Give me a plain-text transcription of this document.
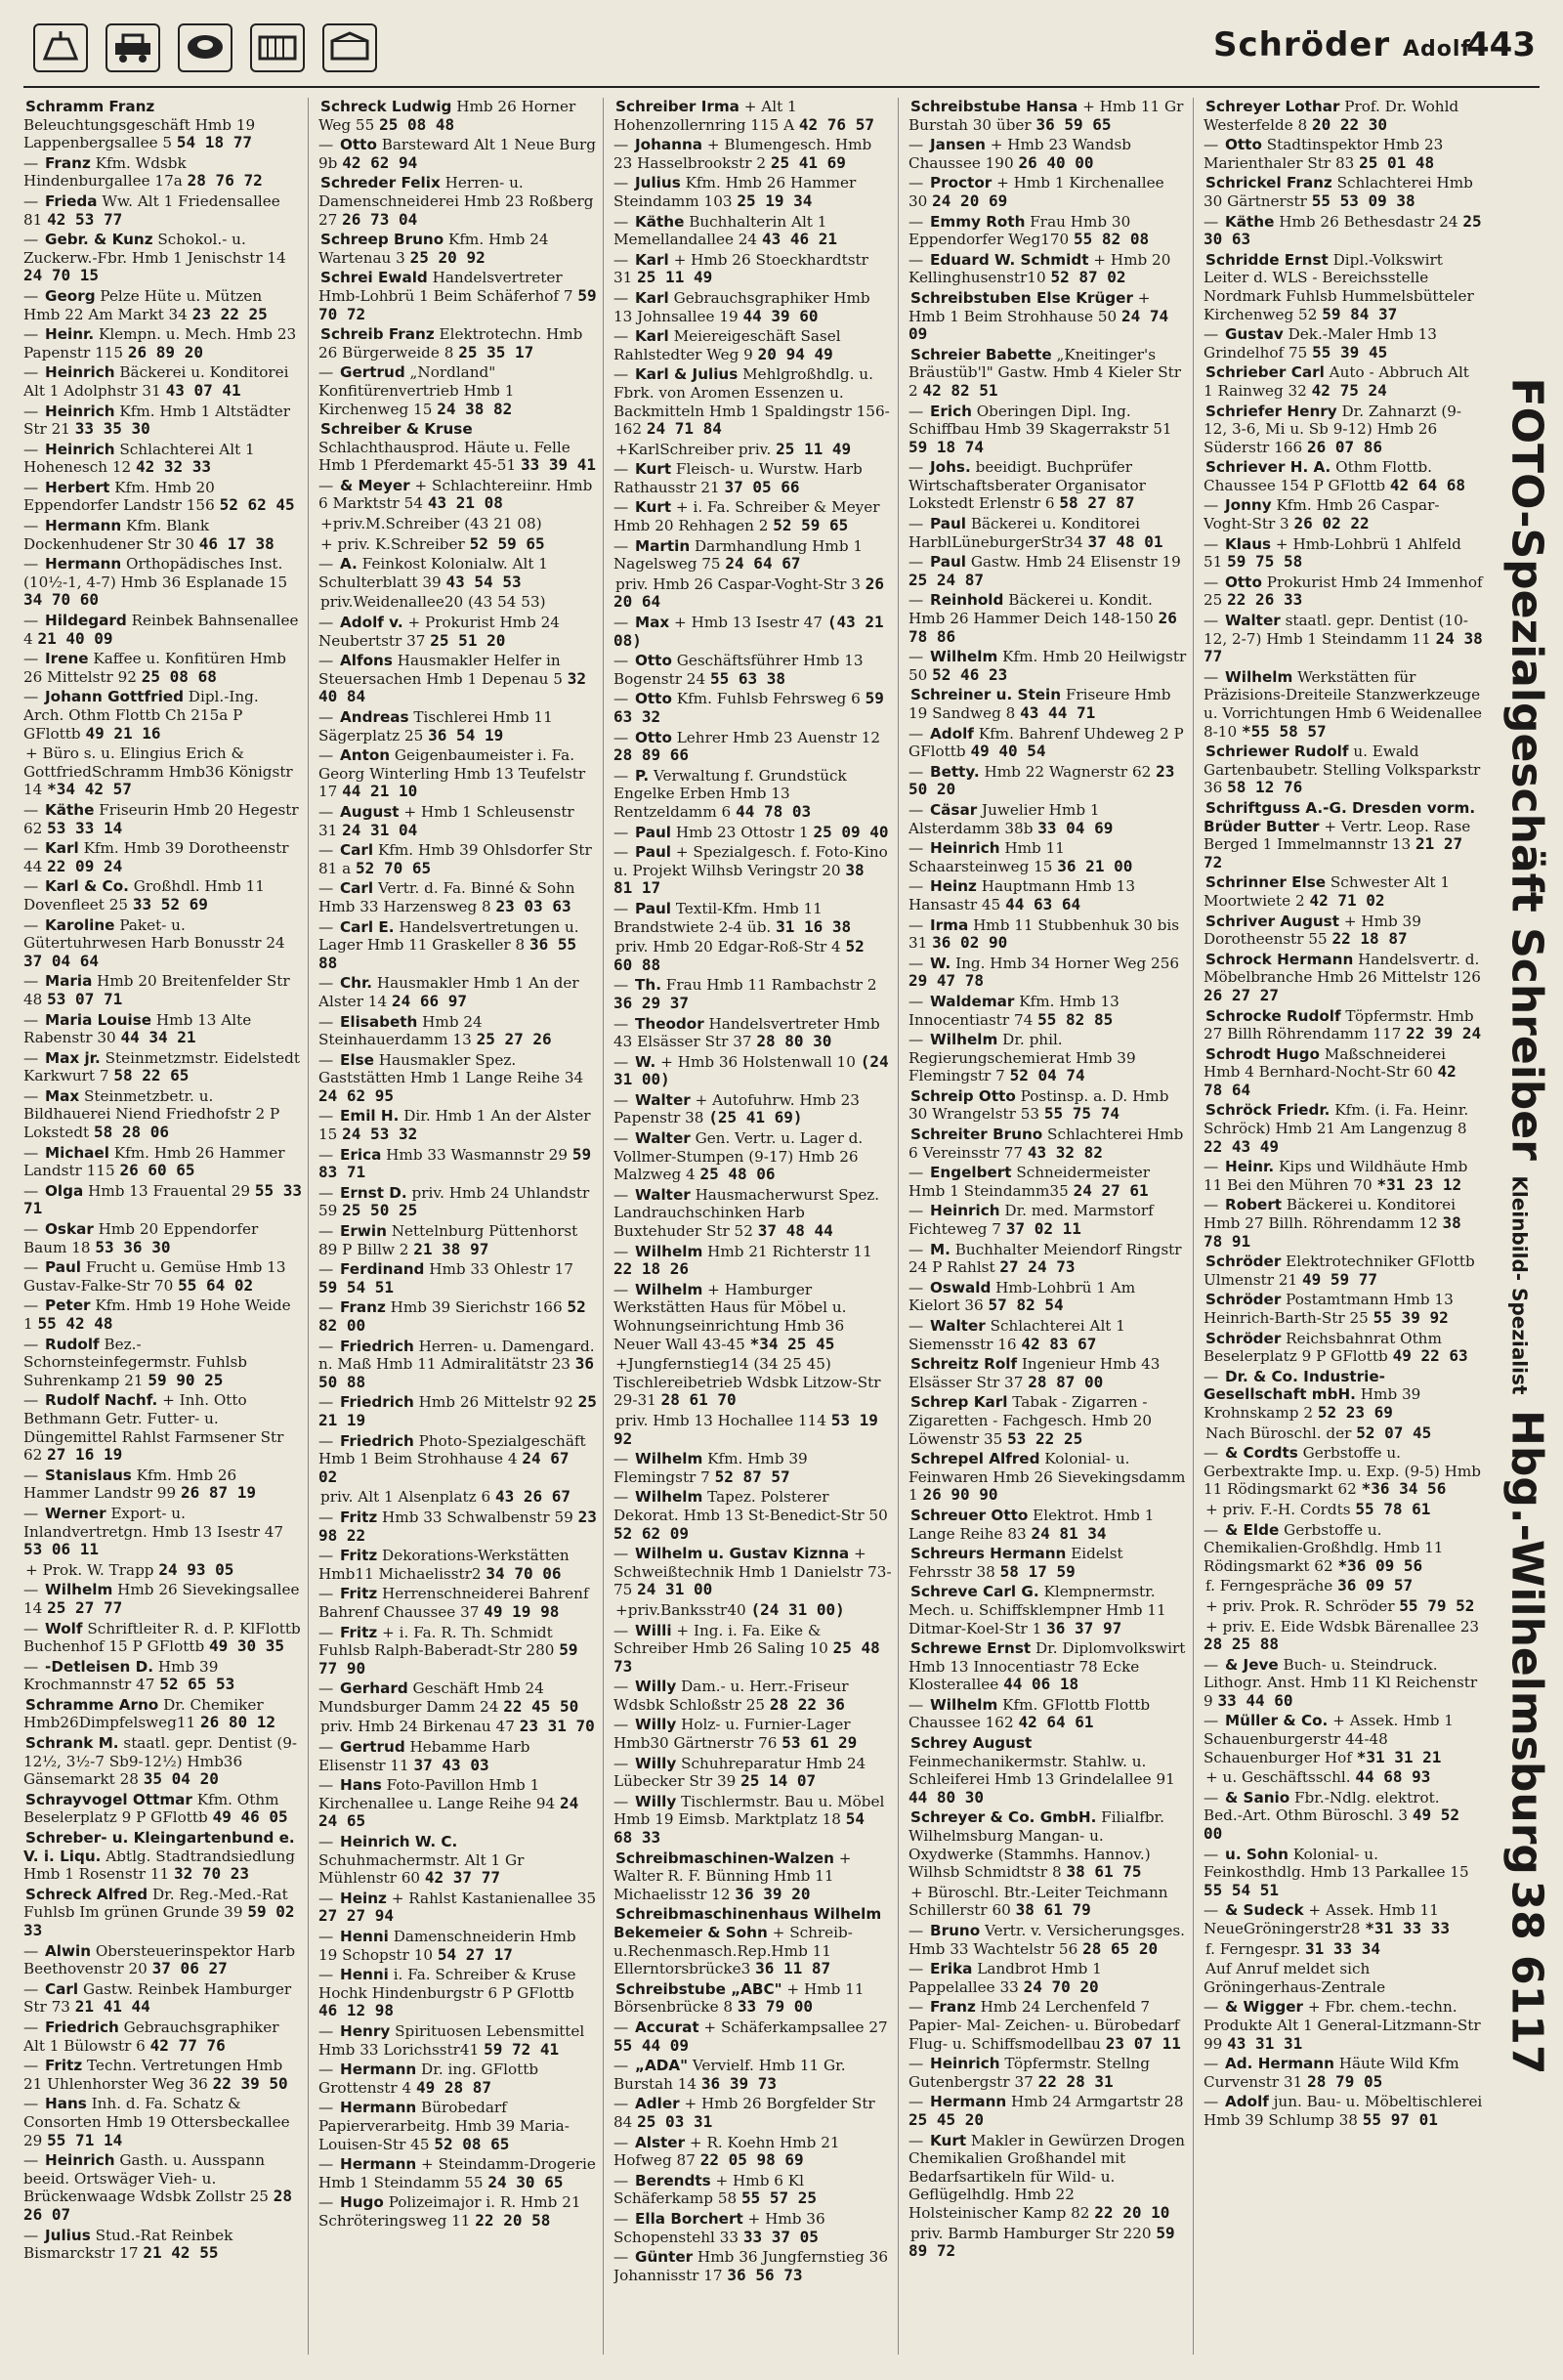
Schröder Adolf
443
Schramm Franz Beleuchtungsgeschäft Hmb 19 Lappenbergsallee 5 54 18 77
— Franz Kfm. Wdsbk Hindenburgallee 17a 28 76 72
— Frieda Ww. Alt 1 Friedensallee 81 42 53 77
— Gebr. & Kunz Schokol.- u. Zuckerw.-Fbr. Hmb 1 Jenischstr 14 24 70 15
— Georg Pelze Hüte u. Mützen Hmb 22 Am Markt 34 23 22 25
— Heinr. Klempn. u. Mech. Hmb 23 Papenstr 115 26 89 20
— Heinrich Bäckerei u. Konditorei Alt 1 Adolphstr 31 43 07 41
— Heinrich Kfm. Hmb 1 Altstädter Str 21 33 35 30
— Heinrich Schlachterei Alt 1 Hohenesch 12 42 32 33
— Herbert Kfm. Hmb 20 Eppendorfer Landstr 156 52 62 45
— Hermann Kfm. Blank Dockenhudener Str 30 46 17 38
— Hermann Orthopädisches Inst. (10½-1, 4-7) Hmb 36 Esplanade 15 34 70 60
— Hildegard Reinbek Bahnsenallee 4 21 40 09
— Irene Kaffee u. Konfitüren Hmb 26 Mittelstr 92 25 08 68
— Johann Gottfried Dipl.-Ing. Arch. Othm Flottb Ch 215a P GFlottb 49 21 16
+ Büro s. u. Elingius Erich & GottfriedSchramm Hmb36 Königstr 14 *34 42 57
— Käthe Friseurin Hmb 20 Hegestr 62 53 33 14
— Karl Kfm. Hmb 39 Dorotheenstr 44 22 09 24
— Karl & Co. Großhdl. Hmb 11 Dovenfleet 25 33 52 69
— Karoline Paket- u. Gütertuhrwesen Harb Bonusstr 24 37 04 64
— Maria Hmb 20 Breitenfelder Str 48 53 07 71
— Maria Louise Hmb 13 Alte Rabenstr 30 44 34 21
— Max jr. Steinmetzmstr. Eidelstedt Karkwurt 7 58 22 65
— Max Steinmetzbetr. u. Bildhauerei Niend Friedhofstr 2 P Lokstedt 58 28 06
— Michael Kfm. Hmb 26 Hammer Landstr 115 26 60 65
— Olga Hmb 13 Frauental 29 55 33 71
— Oskar Hmb 20 Eppendorfer Baum 18 53 36 30
— Paul Frucht u. Gemüse Hmb 13 Gustav-Falke-Str 70 55 64 02
— Peter Kfm. Hmb 19 Hohe Weide 1 55 42 48
— Rudolf Bez.-Schornsteinfegermstr. Fuhlsb Suhrenkamp 21 59 90 25
— Rudolf Nachf. + Inh. Otto Bethmann Getr. Futter- u. Düngemittel Rahlst Farmsener Str 62 27 16 19
— Stanislaus Kfm. Hmb 26 Hammer Landstr 99 26 87 19
— Werner Export- u. Inlandvertretgn. Hmb 13 Isestr 47 53 06 11
+ Prok. W. Trapp 24 93 05
— Wilhelm Hmb 26 Sievekingsallee 14 25 27 77
— Wolf Schriftleiter R. d. P. KlFlottb Buchenhof 15 P GFlottb 49 30 35
— -Detleisen D. Hmb 39 Krochmannstr 47 52 65 53
Schramme Arno Dr. Chemiker Hmb26Dimpfelsweg11 26 80 12
Schrank M. staatl. gepr. Dentist (9-12½, 3½-7 Sb9-12½) Hmb36 Gänsemarkt 28 35 04 20
Schrayvogel Ottmar Kfm. Othm Beselerplatz 9 P GFlottb 49 46 05
Schreber- u. Kleingartenbund e. V. i. Liqu. Abtlg. Stadtrandsiedlung Hmb 1 Rosenstr 11 32 70 23
Schreck Alfred Dr. Reg.-Med.-Rat Fuhlsb Im grünen Grunde 39 59 02 33
— Alwin Obersteuerinspektor Harb Beethovenstr 20 37 06 27
— Carl Gastw. Reinbek Hamburger Str 73 21 41 44
— Friedrich Gebrauchsgraphiker Alt 1 Bülowstr 6 42 77 76
— Fritz Techn. Vertretungen Hmb 21 Uhlenhorster Weg 36 22 39 50
— Hans Inh. d. Fa. Schatz & Consorten Hmb 19 Ottersbeckallee 29 55 71 14
— Heinrich Gasth. u. Ausspann beeid. Ortswäger Vieh- u. Brückenwaage Wdsbk Zollstr 25 28 26 07
— Julius Stud.-Rat Reinbek Bismarckstr 17 21 42 55
Schreck Ludwig Hmb 26 Horner Weg 55 25 08 48
— Otto Barsteward Alt 1 Neue Burg 9b 42 62 94
Schreder Felix Herren- u. Damenschneiderei Hmb 23 Roßberg 27 26 73 04
Schreep Bruno Kfm. Hmb 24 Wartenau 3 25 20 92
Schrei Ewald Handelsvertreter Hmb-Lohbrü 1 Beim Schäferhof 7 59 70 72
Schreib Franz Elektrotechn. Hmb 26 Bürgerweide 8 25 35 17
— Gertrud „Nordland" Konfitürenvertrieb Hmb 1 Kirchenweg 15 24 38 82
Schreiber & Kruse Schlachthausprod. Häute u. Felle Hmb 1 Pferdemarkt 45-51 33 39 41
— & Meyer + Schlachtereiinr. Hmb 6 Marktstr 54 43 21 08
+priv.M.Schreiber (43 21 08)
+ priv. K.Schreiber 52 59 65
— A. Feinkost Kolonialw. Alt 1 Schulterblatt 39 43 54 53
priv.Weidenallee20 (43 54 53)
— Adolf v. + Prokurist Hmb 24 Neubertstr 37 25 51 20
— Alfons Hausmakler Helfer in Steuersachen Hmb 1 Depenau 5 32 40 84
— Andreas Tischlerei Hmb 11 Sägerplatz 25 36 54 19
— Anton Geigenbaumeister i. Fa. Georg Winterling Hmb 13 Teufelstr 17 44 21 10
— August + Hmb 1 Schleusenstr 31 24 31 04
— Carl Kfm. Hmb 39 Ohlsdorfer Str 81 a 52 70 65
— Carl Vertr. d. Fa. Binné & Sohn Hmb 33 Harzensweg 8 23 03 63
— Carl E. Handelsvertretungen u. Lager Hmb 11 Graskeller 8 36 55 88
— Chr. Hausmakler Hmb 1 An der Alster 14 24 66 97
— Elisabeth Hmb 24 Steinhauerdamm 13 25 27 26
— Else Hausmakler Spez. Gaststätten Hmb 1 Lange Reihe 34 24 62 95
— Emil H. Dir. Hmb 1 An der Alster 15 24 53 32
— Erica Hmb 33 Wasmannstr 29 59 83 71
— Ernst D. priv. Hmb 24 Uhlandstr 59 25 50 25
— Erwin Nettelnburg Püttenhorst 89 P Billw 2 21 38 97
— Ferdinand Hmb 33 Ohlestr 17 59 54 51
— Franz Hmb 39 Sierichstr 166 52 82 00
— Friedrich Herren- u. Damengard. n. Maß Hmb 11 Admiralitätstr 23 36 50 88
— Friedrich Hmb 26 Mittelstr 92 25 21 19
— Friedrich Photo-Spezialgeschäft Hmb 1 Beim Strohhause 4 24 67 02
priv. Alt 1 Alsenplatz 6 43 26 67
— Fritz Hmb 33 Schwalbenstr 59 23 98 22
— Fritz Dekorations-Werkstätten Hmb11 Michaelisstr2 34 70 06
— Fritz Herrenschneiderei Bahrenf Bahrenf Chaussee 37 49 19 98
— Fritz + i. Fa. R. Th. Schmidt Fuhlsb Ralph-Baberadt-Str 280 59 77 90
— Gerhard Geschäft Hmb 24 Mundsburger Damm 24 22 45 50
priv. Hmb 24 Birkenau 47 23 31 70
— Gertrud Hebamme Harb Elisenstr 11 37 43 03
— Hans Foto-Pavillon Hmb 1 Kirchenallee u. Lange Reihe 94 24 24 65
— Heinrich W. C. Schuhmachermstr. Alt 1 Gr Mühlenstr 60 42 37 77
— Heinz + Rahlst Kastanienallee 35 27 27 94
— Henni Damenschneiderin Hmb 19 Schopstr 10 54 27 17
— Henni i. Fa. Schreiber & Kruse Hochk Hindenburgstr 6 P GFlottb 46 12 98
— Henry Spirituosen Lebensmittel Hmb 33 Lorichsstr41 59 72 41
— Hermann Dr. ing. GFlottb Grottenstr 4 49 28 87
— Hermann Bürobedarf Papierverarbeitg. Hmb 39 Maria-Louisen-Str 45 52 08 65
— Hermann + Steindamm-Drogerie Hmb 1 Steindamm 55 24 30 65
— Hugo Polizeimajor i. R. Hmb 21 Schröteringsweg 11 22 20 58
Schreiber Irma + Alt 1 Hohenzollernring 115 A 42 76 57
— Johanna + Blumengesch. Hmb 23 Hasselbrookstr 2 25 41 69
— Julius Kfm. Hmb 26 Hammer Steindamm 103 25 19 34
— Käthe Buchhalterin Alt 1 Memellandallee 24 43 46 21
— Karl + Hmb 26 Stoeckhardtstr 31 25 11 49
— Karl Gebrauchsgraphiker Hmb 13 Johnsallee 19 44 39 60
— Karl Meiereigeschäft Sasel Rahlstedter Weg 9 20 94 49
— Karl & Julius Mehlgroßhdlg. u. Fbrk. von Aromen Essenzen u. Backmitteln Hmb 1 Spaldingstr 156-162 24 71 84
+KarlSchreiber priv. 25 11 49
— Kurt Fleisch- u. Wurstw. Harb Rathausstr 21 37 05 66
— Kurt + i. Fa. Schreiber & Meyer Hmb 20 Rehhagen 2 52 59 65
— Martin Darmhandlung Hmb 1 Nagelsweg 75 24 64 67
priv. Hmb 26 Caspar-Voght-Str 3 26 20 64
— Max + Hmb 13 Isestr 47 (43 21 08)
— Otto Geschäftsführer Hmb 13 Bogenstr 24 55 63 38
— Otto Kfm. Fuhlsb Fehrsweg 6 59 63 32
— Otto Lehrer Hmb 23 Auenstr 12 28 89 66
— P. Verwaltung f. Grundstück Engelke Erben Hmb 13 Rentzeldamm 6 44 78 03
— Paul Hmb 23 Ottostr 1 25 09 40
— Paul + Spezialgesch. f. Foto-Kino u. Projekt Wilhsb Veringstr 20 38 81 17
— Paul Textil-Kfm. Hmb 11 Brandstwiete 2-4 üb. 31 16 38
priv. Hmb 20 Edgar-Roß-Str 4 52 60 88
— Th. Frau Hmb 11 Rambachstr 2 36 29 37
— Theodor Handelsvertreter Hmb 43 Elsässer Str 37 28 80 30
— W. + Hmb 36 Holstenwall 10 (24 31 00)
— Walter + Autofuhrw. Hmb 23 Papenstr 38 (25 41 69)
— Walter Gen. Vertr. u. Lager d. Vollmer-Stumpen (9-17) Hmb 26 Malzweg 4 25 48 06
— Walter Hausmacherwurst Spez. Landrauchschinken Harb Buxtehuder Str 52 37 48 44
— Wilhelm Hmb 21 Richterstr 11 22 18 26
— Wilhelm + Hamburger Werkstätten Haus für Möbel u. Wohnungseinrichtung Hmb 36 Neuer Wall 43-45 *34 25 45
+Jungfernstieg14 (34 25 45) Tischlereibetrieb Wdsbk Litzow-Str 29-31 28 61 70
priv. Hmb 13 Hochallee 114 53 19 92
— Wilhelm Kfm. Hmb 39 Flemingstr 7 52 87 57
— Wilhelm Tapez. Polsterer Dekorat. Hmb 13 St-Benedict-Str 50 52 62 09
— Wilhelm u. Gustav Kiznna + Schweißtechnik Hmb 1 Danielstr 73-75 24 31 00
+priv.Banksstr40 (24 31 00)
— Willi + Ing. i. Fa. Eike & Schreiber Hmb 26 Saling 10 25 48 73
— Willy Dam.- u. Herr.-Friseur Wdsbk Schloßstr 25 28 22 36
— Willy Holz- u. Furnier-Lager Hmb30 Gärtnerstr 76 53 61 29
— Willy Schuhreparatur Hmb 24 Lübecker Str 39 25 14 07
— Willy Tischlermstr. Bau u. Möbel Hmb 19 Eimsb. Marktplatz 18 54 68 33
Schreibmaschinen-Walzen + Walter R. F. Bünning Hmb 11 Michaelisstr 12 36 39 20
Schreibmaschinenhaus Wilhelm Bekemeier & Sohn + Schreib-u.Rechenmasch.Rep.Hmb 11 Ellerntorsbrücke3 36 11 87
Schreibstube „ABC" + Hmb 11 Börsenbrücke 8 33 79 00
— Accurat + Schäferkampsallee 27 55 44 09
— „ADA" Vervielf. Hmb 11 Gr. Burstah 14 36 39 73
— Adler + Hmb 26 Borgfelder Str 84 25 03 31
— Alster + R. Koehn Hmb 21 Hofweg 87 22 05 98 69
— Berendts + Hmb 6 Kl Schäferkamp 58 55 57 25
— Ella Borchert + Hmb 36 Schopenstehl 33 33 37 05
— Günter Hmb 36 Jungfernstieg 36 Johannisstr 17 36 56 73
Schreibstube Hansa + Hmb 11 Gr Burstah 30 über 36 59 65
— Jansen + Hmb 23 Wandsb Chaussee 190 26 40 00
— Proctor + Hmb 1 Kirchenallee 30 24 20 69
— Emmy Roth Frau Hmb 30 Eppendorfer Weg170 55 82 08
— Eduard W. Schmidt + Hmb 20 Kellinghusenstr10 52 87 02
Schreibstuben Else Krüger + Hmb 1 Beim Strohhause 50 24 74 09
Schreier Babette „Kneitinger's Bräustüb'l" Gastw. Hmb 4 Kieler Str 2 42 82 51
— Erich Oberingen Dipl. Ing. Schiffbau Hmb 39 Skagerrakstr 51 59 18 74
— Johs. beeidigt. Buchprüfer Wirtschaftsberater Organisator Lokstedt Erlenstr 6 58 27 87
— Paul Bäckerei u. Konditorei HarblLüneburgerStr34 37 48 01
— Paul Gastw. Hmb 24 Elisenstr 19 25 24 87
— Reinhold Bäckerei u. Kondit. Hmb 26 Hammer Deich 148-150 26 78 86
— Wilhelm Kfm. Hmb 20 Heilwigstr 50 52 46 23
Schreiner u. Stein Friseure Hmb 19 Sandweg 8 43 44 71
— Adolf Kfm. Bahrenf Uhdeweg 2 P GFlottb 49 40 54
— Betty. Hmb 22 Wagnerstr 62 23 50 20
— Cäsar Juwelier Hmb 1 Alsterdamm 38b 33 04 69
— Heinrich Hmb 11 Schaarsteinweg 15 36 21 00
— Heinz Hauptmann Hmb 13 Hansastr 45 44 63 64
— Irma Hmb 11 Stubbenhuk 30 bis 31 36 02 90
— W. Ing. Hmb 34 Horner Weg 256 29 47 78
— Waldemar Kfm. Hmb 13 Innocentiastr 74 55 82 85
— Wilhelm Dr. phil. Regierungschemierat Hmb 39 Flemingstr 7 52 04 74
Schreip Otto Postinsp. a. D. Hmb 30 Wrangelstr 53 55 75 74
Schreiter Bruno Schlachterei Hmb 6 Vereinsstr 77 43 32 82
— Engelbert Schneidermeister Hmb 1 Steindamm35 24 27 61
— Heinrich Dr. med. Marmstorf Fichteweg 7 37 02 11
— M. Buchhalter Meiendorf Ringstr 24 P Rahlst 27 24 73
— Oswald Hmb-Lohbrü 1 Am Kielort 36 57 82 54
— Walter Schlachterei Alt 1 Siemensstr 16 42 83 67
Schreitz Rolf Ingenieur Hmb 43 Elsässer Str 37 28 87 00
Schrep Karl Tabak - Zigarren - Zigaretten - Fachgesch. Hmb 20 Löwenstr 35 53 22 25
Schrepel Alfred Kolonial- u. Feinwaren Hmb 26 Sievekingsdamm 1 26 90 90
Schreuer Otto Elektrot. Hmb 1 Lange Reihe 83 24 81 34
Schreurs Hermann Eidelst Fehrsstr 38 58 17 59
Schreve Carl G. Klempnermstr. Mech. u. Schiffsklempner Hmb 11 Ditmar-Koel-Str 1 36 37 97
Schrewe Ernst Dr. Diplomvolkswirt Hmb 13 Innocentiastr 78 Ecke Klosterallee 44 06 18
— Wilhelm Kfm. GFlottb Flottb Chaussee 162 42 64 61
Schrey August Feinmechanikermstr. Stahlw. u. Schleiferei Hmb 13 Grindelallee 91 44 80 30
Schreyer & Co. GmbH. Filialfbr. Wilhelmsburg Mangan- u. Oxydwerke (Stammhs. Hannov.) Wilhsb Schmidtstr 8 38 61 75
+ Büroschl. Btr.-Leiter Teichmann Schillerstr 60 38 61 79
— Bruno Vertr. v. Versicherungsges. Hmb 33 Wachtelstr 56 28 65 20
— Erika Landbrot Hmb 1 Pappelallee 33 24 70 20
— Franz Hmb 24 Lerchenfeld 7 Papier- Mal- Zeichen- u. Bürobedarf Flug- u. Schiffsmodellbau 23 07 11
— Heinrich Töpfermstr. Stellng Gutenbergstr 37 22 28 31
— Hermann Hmb 24 Armgartstr 28 25 45 20
— Kurt Makler in Gewürzen Drogen Chemikalien Großhandel mit Bedarfsartikeln für Wild- u. Geflügelhdlg. Hmb 22 Holsteinischer Kamp 82 22 20 10
priv. Barmb Hamburger Str 220 59 89 72
Schreyer Lothar Prof. Dr. Wohld Westerfelde 8 20 22 30
— Otto Stadtinspektor Hmb 23 Marienthaler Str 83 25 01 48
Schrickel Franz Schlachterei Hmb 30 Gärtnerstr 55 53 09 38
— Käthe Hmb 26 Bethesdastr 24 25 30 63
Schridde Ernst Dipl.-Volkswirt Leiter d. WLS - Bereichsstelle Nordmark Fuhlsb Hummelsbütteler Kirchenweg 52 59 84 37
— Gustav Dek.-Maler Hmb 13 Grindelhof 75 55 39 45
Schrieber Carl Auto - Abbruch Alt 1 Rainweg 32 42 75 24
Schriefer Henry Dr. Zahnarzt (9-12, 3-6, Mi u. Sb 9-12) Hmb 26 Süderstr 166 26 07 86
Schriever H. A. Othm Flottb. Chaussee 154 P GFlottb 42 64 68
— Jonny Kfm. Hmb 26 Caspar-Voght-Str 3 26 02 22
— Klaus + Hmb-Lohbrü 1 Ahlfeld 51 59 75 58
— Otto Prokurist Hmb 24 Immenhof 25 22 26 33
— Walter staatl. gepr. Dentist (10-12, 2-7) Hmb 1 Steindamm 11 24 38 77
— Wilhelm Werkstätten für Präzisions-Dreiteile Stanzwerkzeuge u. Vorrichtungen Hmb 6 Weidenallee 8-10 *55 58 57
Schriewer Rudolf u. Ewald Gartenbaubetr. Stelling Volksparkstr 36 58 12 76
Schriftguss A.-G. Dresden vorm. Brüder Butter + Vertr. Leop. Rase Berged 1 Immelmannstr 13 21 27 72
Schrinner Else Schwester Alt 1 Moortwiete 2 42 71 02
Schriver August + Hmb 39 Dorotheenstr 55 22 18 87
Schrock Hermann Handelsvertr. d. Möbelbranche Hmb 26 Mittelstr 126 26 27 27
Schrocke Rudolf Töpfermstr. Hmb 27 Billh Röhrendamm 117 22 39 24
Schrodt Hugo Maßschneiderei Hmb 4 Bernhard-Nocht-Str 60 42 78 64
Schröck Friedr. Kfm. (i. Fa. Heinr. Schröck) Hmb 21 Am Langenzug 8 22 43 49
— Heinr. Kips und Wildhäute Hmb 11 Bei den Mühren 70 *31 23 12
— Robert Bäckerei u. Konditorei Hmb 27 Billh. Röhrendamm 12 38 78 91
Schröder Elektrotechniker GFlottb Ulmenstr 21 49 59 77
Schröder Postamtmann Hmb 13 Heinrich-Barth-Str 25 55 39 92
Schröder Reichsbahnrat Othm Beselerplatz 9 P GFlottb 49 22 63
— Dr. & Co. Industrie-Gesellschaft mbH. Hmb 39 Krohnskamp 2 52 23 69
Nach Büroschl. der 52 07 45
— & Cordts Gerbstoffe u. Gerbextrakte Imp. u. Exp. (9-5) Hmb 11 Rödingsmarkt 62 *36 34 56
+ priv. F.-H. Cordts 55 78 61
— & Elde Gerbstoffe u. Chemikalien-Großhdlg. Hmb 11 Rödingsmarkt 62 *36 09 56
f. Ferngespräche 36 09 57
+ priv. Prok. R. Schröder 55 79 52
+ priv. E. Eide Wdsbk Bärenallee 23 28 25 88
— & Jeve Buch- u. Steindruck. Lithogr. Anst. Hmb 11 Kl Reichenstr 9 33 44 60
— Müller & Co. + Assek. Hmb 1 Schauenburgerstr 44-48 Schauenburger Hof *31 31 21
+ u. Geschäftsschl. 44 68 93
— & Sanio Fbr.-Ndlg. elektrot. Bed.-Art. Othm Büroschl. 3 49 52 00
— u. Sohn Kolonial- u. Feinkosthdlg. Hmb 13 Parkallee 15 55 54 51
— & Sudeck + Assek. Hmb 11 NeueGröningerstr28 *31 33 33
f. Ferngespr. 31 33 34
Auf Anruf meldet sich Gröningerhaus-Zentrale
— & Wigger + Fbr. chem.-techn. Produkte Alt 1 General-Litzmann-Str 99 43 31 31
— Ad. Hermann Häute Wild Kfm Curvenstr 31 28 79 05
— Adolf jun. Bau- u. Möbeltischlerei Hmb 39 Schlump 38 55 97 01
FOTO-Spezialgeschäft Schreiber Kleinbild- Spezialist Hbg.-Wilhelmsburg 38 6117
